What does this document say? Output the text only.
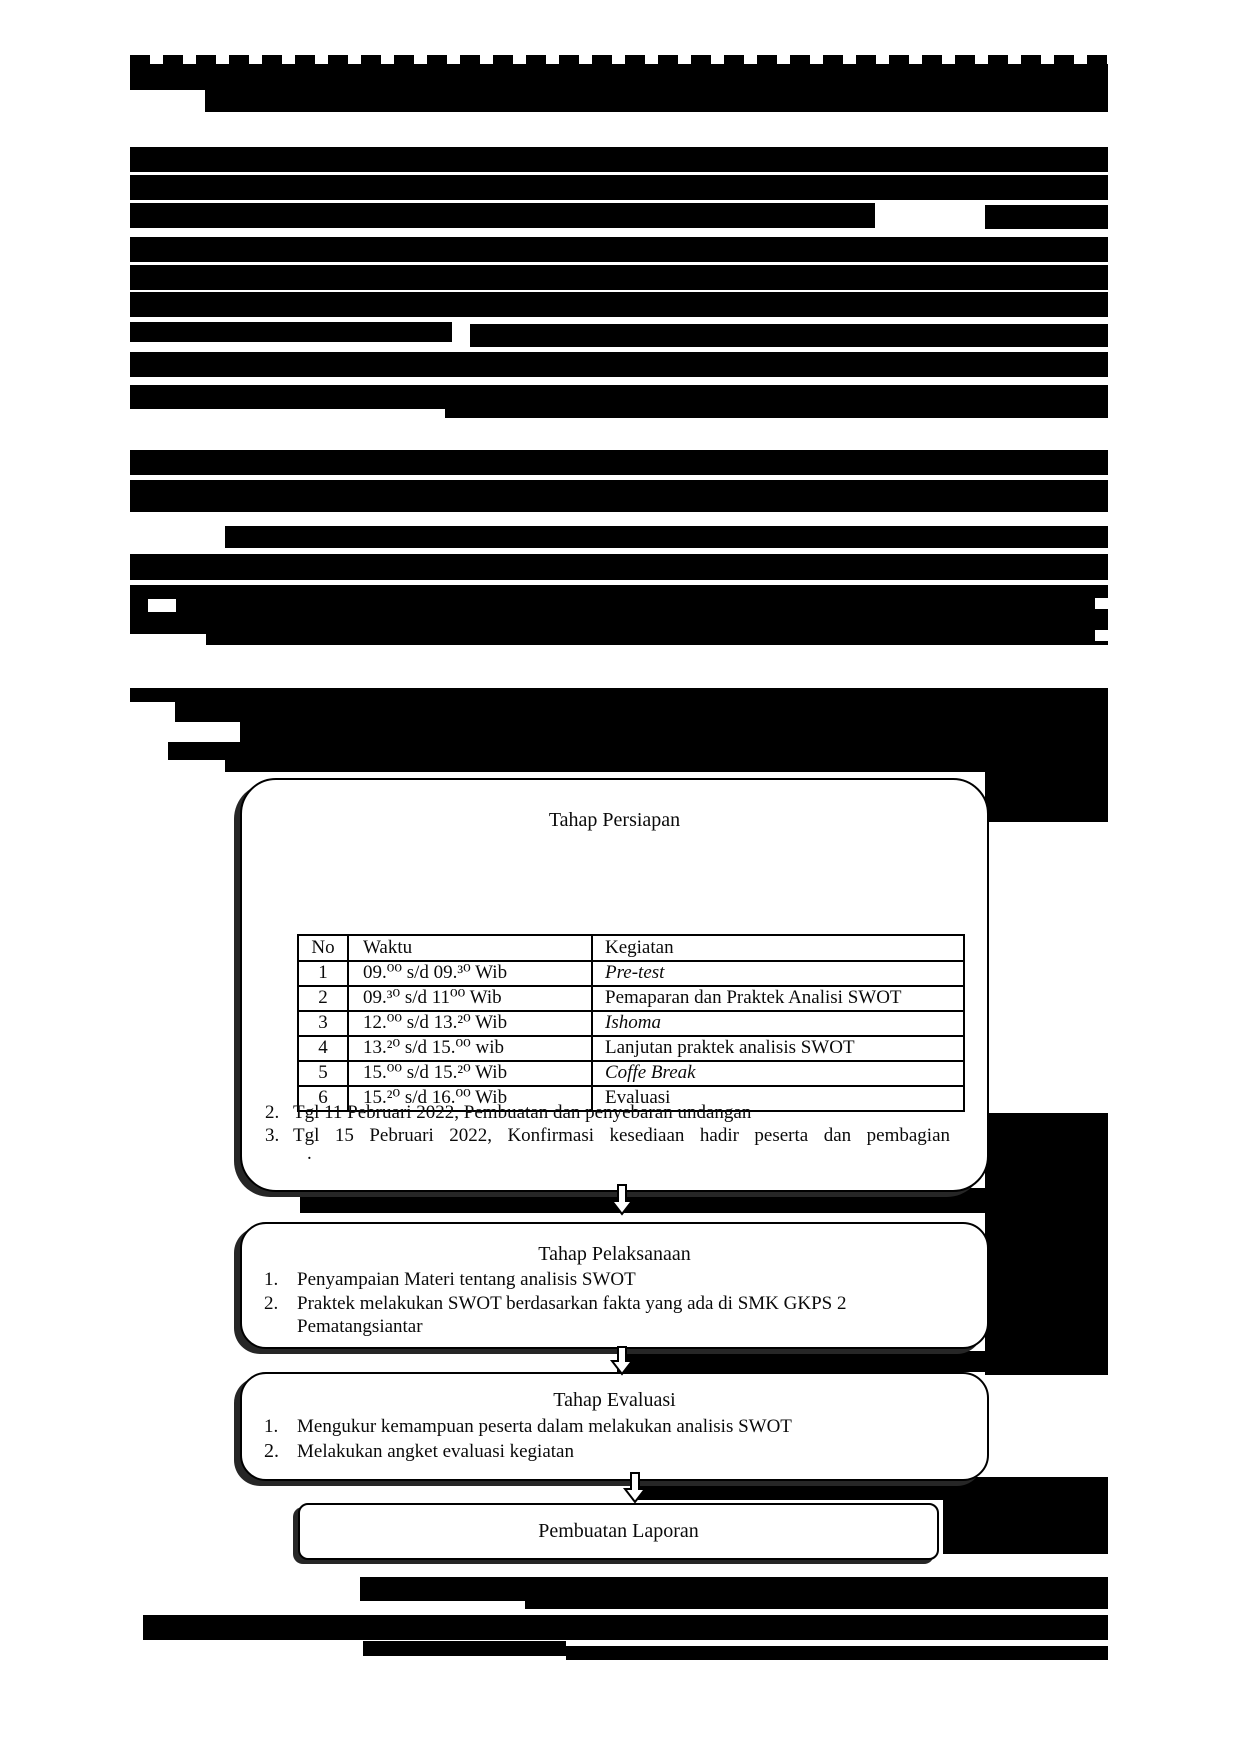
Tahap Persiapan
No	Waktu	Kegiatan
1	09.⁰⁰ s/d 09.³⁰ Wib	Pre-test
2	09.³⁰ s/d 11⁰⁰ Wib	Pemaparan dan Praktek Analisi SWOT
3	12.⁰⁰ s/d 13.²⁰ Wib	Ishoma
4	13.²⁰ s/d 15.⁰⁰ wib	Lanjutan praktek analisis SWOT
5	15.⁰⁰ s/d 15.²⁰ Wib	Coffe Break
6	15.²⁰ s/d 16.⁰⁰ Wib	Evaluasi
2. Tgl 11 Pebruari 2022, Pembuatan dan penyebaran undangan
3. Tgl 15 Pebruari 2022, Konfirmasi kesediaan hadir peserta dan pembagian
.
Tahap Pelaksanaan
1. Penyampaian Materi tentang analisis SWOT
2. Praktek melakukan SWOT berdasarkan fakta yang ada di SMK GKPS 2 Pematangsiantar
Tahap Evaluasi
1. Mengukur kemampuan peserta dalam melakukan analisis SWOT
2. Melakukan angket evaluasi kegiatan
Pembuatan Laporan
